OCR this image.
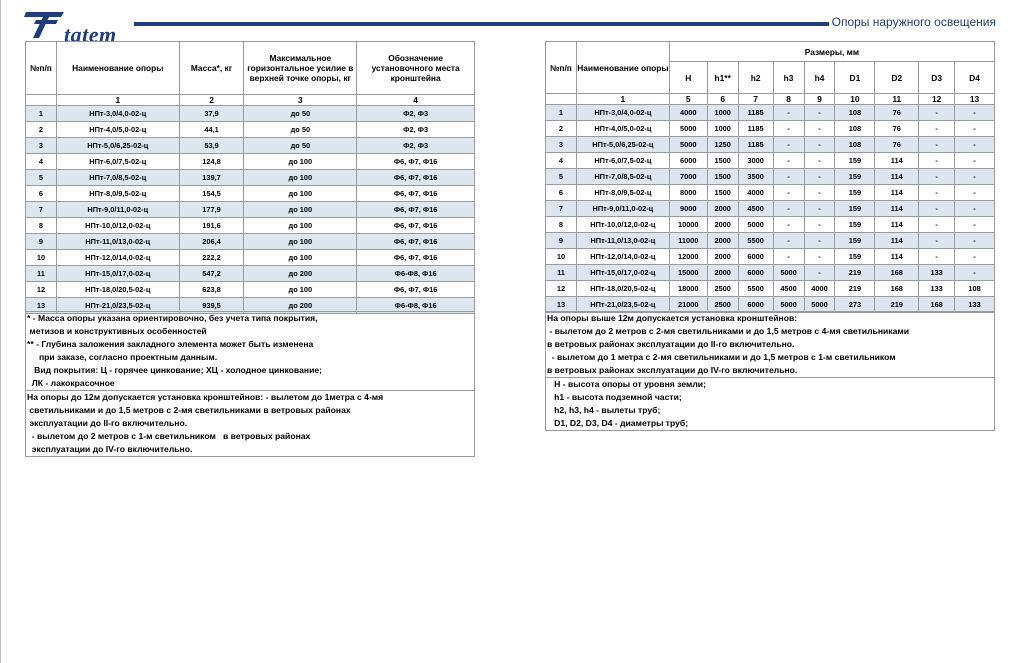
tatem	Опоры наружного освещения
№п/п	Наименование опоры	Масса*, кг	Максимальное горизонтальное усилие в верхней точке опоры, кг	Обозначение установочного места кронштейна
	1	2	3	4
1	НПт-3,0/4,0-02-ц	37,9	до 50	Ф2, Ф3
2	НПт-4,0/5,0-02-ц	44,1	до 50	Ф2, Ф3
3	НПт-5,0/6,25-02-ц	53,9	до 50	Ф2, Ф3
4	НПт-6,0/7,5-02-ц	124,8	до 100	Ф6, Ф7, Ф16
5	НПт-7,0/8,5-02-ц	139,7	до 100	Ф6, Ф7, Ф16
6	НПт-8,0/9,5-02-ц	154,5	до 100	Ф6, Ф7, Ф16
7	НПт-9,0/11,0-02-ц	177,9	до 100	Ф6, Ф7, Ф16
8	НПт-10,0/12,0-02-ц	191,6	до 100	Ф6, Ф7, Ф16
9	НПт-11,0/13,0-02-ц	206,4	до 100	Ф6, Ф7, Ф16
10	НПт-12,0/14,0-02-ц	222,2	до 100	Ф6, Ф7, Ф16
11	НПт-15,0/17,0-02-ц	547,2	до 200	Ф6-Ф8, Ф16
12	НПт-18,0/20,5-02-ц	623,8	до 100	Ф6, Ф7, Ф16
13	НПт-21,0/23,5-02-ц	939,5	до 200	Ф6-Ф8, Ф16
№п/п	Наименование опоры	Размеры, мм								
		H	h1**	h2	h3	h4	D1	D2	D3	D4
	1	5	6	7	8	9	10	11	12	13
1	НПт-3,0/4,0-02-ц	4000	1000	1185	-	-	108	76	-	-
2	НПт-4,0/5,0-02-ц	5000	1000	1185	-	-	108	76	-	-
3	НПт-5,0/6,25-02-ц	5000	1250	1185	-	-	108	76	-	-
4	НПт-6,0/7,5-02-ц	6000	1500	3000	-	-	159	114	-	-
5	НПт-7,0/8,5-02-ц	7000	1500	3500	-	-	159	114	-	-
6	НПт-8,0/9,5-02-ц	8000	1500	4000	-	-	159	114	-	-
7	НПт-9,0/11,0-02-ц	9000	2000	4500	-	-	159	114	-	-
8	НПт-10,0/12,0-02-ц	10000	2000	5000	-	-	159	114	-	-
9	НПт-11,0/13,0-02-ц	11000	2000	5500	-	-	159	114	-	-
10	НПт-12,0/14,0-02-ц	12000	2000	6000	-	-	159	114	-	-
11	НПт-15,0/17,0-02-ц	15000	2000	6000	5000	-	219	168	133	-
12	НПт-18,0/20,5-02-ц	18000	2500	5500	4500	4000	219	168	133	108
13	НПт-21,0/23,5-02-ц	21000	2500	6000	5000	5000	273	219	168	133
* - Масса опоры указана ориентировочно, без учета типа покрытия,
метизов и конструктивных особенностей
** - Глубина заложения закладного элемента может быть изменена
при заказе, согласно проектным данным.
Вид покрытия: Ц - горячее цинкование; ХЦ - холодное цинкование;
ЛК - лакокрасочное
На опоры до 12м допускается установка кронштейнов: - вылетом до 1метра с 4-мя
светильниками и до 1,5 метров с 2-мя светильниками в ветровых районах
эксплуатации до II-го включительно.
- вылетом до 2 метров с 1-м светильником   в ветровых районах
эксплуатации до IV-го включительно.
На опоры выше 12м допускается установка кронштейнов:
- вылетом до 2 метров с 2-мя светильниками и до 1,5 метров с 4-мя светильниками
в ветровых районах эксплуатации до II-го включительно.
- вылетом до 1 метра с 2-мя светильниками и до 1,5 метров с 1-м светильником
в ветровых районах эксплуатации до IV-го включительно.
H - высота опоры от уровня земли;
h1 - высота подземной части;
h2, h3, h4 - вылеты труб;
D1, D2, D3, D4 - диаметры труб;
